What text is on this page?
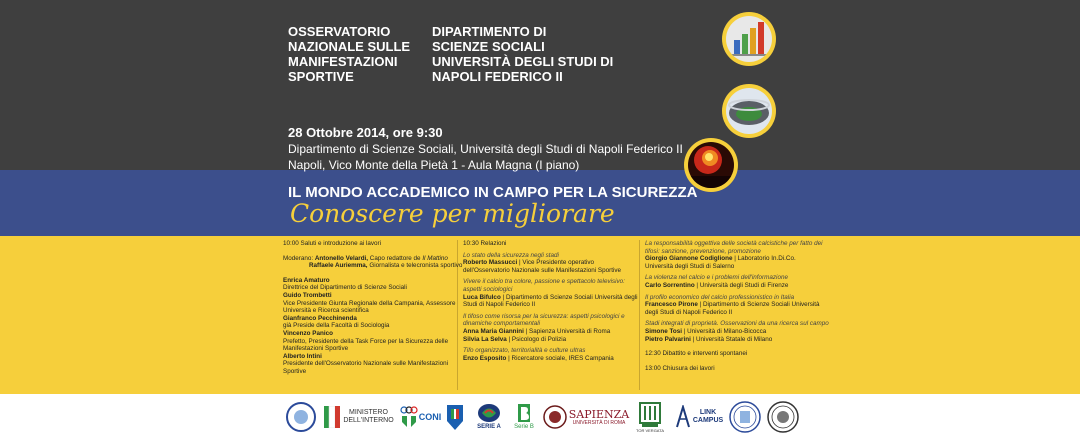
OSSERVATORIO
NAZIONALE SULLE
MANIFESTAZIONI
SPORTIVE
DIPARTIMENTO DI
SCIENZE SOCIALI
UNIVERSITÀ DEGLI STUDI DI
NAPOLI FEDERICO II
28 Ottobre 2014, ore 9:30
Dipartimento di Scienze Sociali, Università degli Studi di Napoli Federico II
Napoli, Vico Monte della Pietà 1 - Aula Magna (I piano)
IL MONDO ACCADEMICO IN CAMPO PER LA SICUREZZA
Conoscere per migliorare
10:00 Saluti e introduzione ai lavori
Moderano: Antonello Velardi, Capo redattore de Il Mattino
Raffaele Auriemma, Giornalista e telecronista sportivo
Enrica Amaturo
Direttrice del Dipartimento di Scienze Sociali
Guido Trombetti
Vice Presidente Giunta Regionale della Campania, Assessore
Università e Ricerca scientifica
Gianfranco Pecchinenda
già Preside della Facoltà di Sociologia
Vincenzo Panico
Prefetto, Presidente della Task Force per la Sicurezza delle
Manifestazioni Sportive
Alberto Intini
Presidente dell'Osservatorio Nazionale sulle Manifestazioni
Sportive
10:30 Relazioni
Lo stato della sicurezza negli stadi
Roberto Massucci | Vice Presidente operativo
dell'Osservatorio Nazionale sulle Manifestazioni Sportive
Vivere il calcio tra colore, passione e spettacolo televisivo:
aspetti sociologici
Luca Bifulco | Dipartimento di Scienze Sociali Università degli
Studi di Napoli Federico II
Il tifoso come risorsa per la sicurezza: aspetti psicologici e
dinamiche comportamentali
Anna Maria Giannini | Sapienza Università di Roma
Silvia La Selva | Psicologo di Polizia
Tifo organizzato, territorialità e culture ultras
Enzo Esposito | Ricercatore sociale, IRES Campania
La responsabilità oggettiva delle società calcistiche per fatto dei
tifosi: sanzione, prevenzione, promozione
Giorgio Giannone Codiglione | Laboratorio In.Di.Co.
Università degli Studi di Salerno
La violenza nel calcio e i problemi dell'informazione
Carlo Sorrentino | Università degli Studi di Firenze
Il profilo economico del calcio professionistico in Italia
Francesco Pirone | Dipartimento di Scienze Sociali Università
degli Studi di Napoli Federico II
Stadi integrati di proprietà. Osservazioni da una ricerca sul campo
Simone Tosi | Università di Milano-Bicocca
Pietro Palvarini | Università Statale di Milano
12:30 Dibattito e interventi spontanei
13:00 Chiusura dei lavori
MINISTERO
DELL'INTERNO	CONI
SERIE A Serie B
SAPIENZA
UNIVERSITÀ DI ROMA
TOR VERGATA
LINK
CAMPUS
